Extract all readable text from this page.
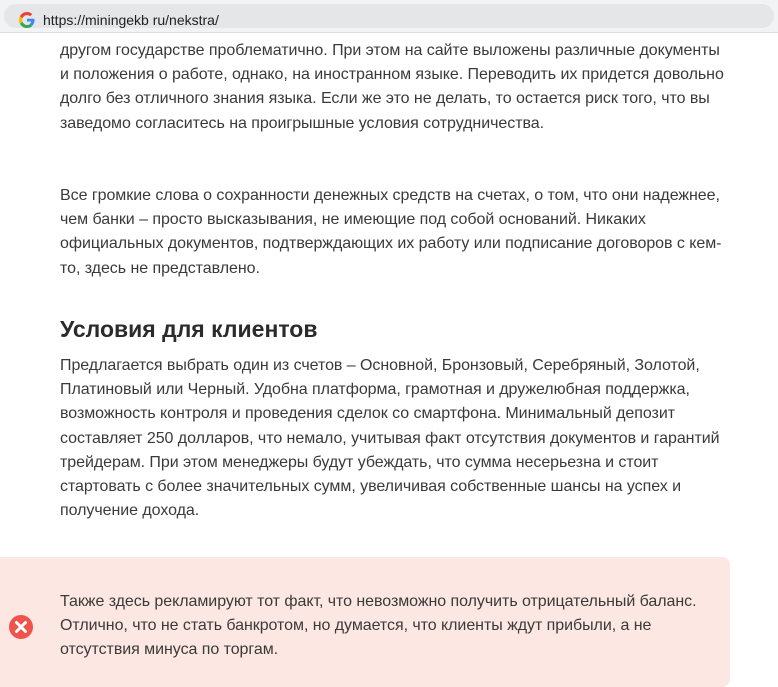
https://miningekb ru/nekstra/

другом государстве проблематично. При этом на сайте выложены различные документы и положения о работе, однако, на иностранном языке. Переводить их придется довольно долго без отличного знания языка. Если же это не делать, то остается риск того, что вы заведомо согласитесь на проигрышные условия сотрудничества.

Все громкие слова о сохранности денежных средств на счетах, о том, что они надежнее, чем банки – просто высказывания, не имеющие под собой оснований. Никаких официальных документов, подтверждающих их работу или подписание договоров с кем-то, здесь не представлено.

Условия для клиентов

Предлагается выбрать один из счетов – Основной, Бронзовый, Серебряный, Золотой, Платиновый или Черный. Удобна платформа, грамотная и дружелюбная поддержка, возможность контроля и проведения сделок со смартфона. Минимальный депозит составляет 250 долларов, что немало, учитывая факт отсутствия документов и гарантий трейдерам. При этом менеджеры будут убеждать, что сумма несерьезна и стоит стартовать с более значительных сумм, увеличивая собственные шансы на успех и получение дохода.

Также здесь рекламируют тот факт, что невозможно получить отрицательный баланс. Отлично, что не стать банкротом, но думается, что клиенты ждут прибыли, а не отсутствия минуса по торгам.
